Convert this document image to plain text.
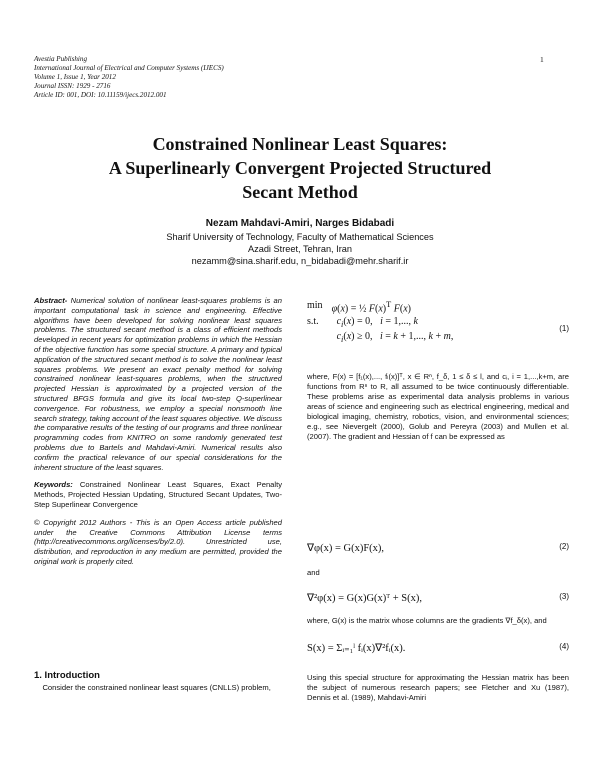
Avestia Publishing
International Journal of Electrical and Computer Systems (IJECS)
Volume 1, Issue 1, Year 2012
Journal ISSN: 1929 - 2716
Article ID: 001, DOI: 10.11159/ijecs.2012.001
1
Constrained Nonlinear Least Squares:
A Superlinearly Convergent Projected Structured
Secant Method
Nezam Mahdavi-Amiri, Narges Bidabadi
Sharif University of Technology, Faculty of Mathematical Sciences
Azadi Street, Tehran, Iran
nezamm@sina.sharif.edu, n_bidabadi@mehr.sharif.ir
Abstract- Numerical solution of nonlinear least-squares problems is an important computational task in science and engineering. Effective algorithms have been developed for solving nonlinear least squares problems. The structured secant method is a class of efficient methods developed in recent years for optimization problems in which the Hessian of the objective function has some special structure. A primary and typical application of the structured secant method is to solve the nonlinear least squares problems. We present an exact penalty method for solving constrained nonlinear least-squares problems, when the structured projected Hessian is approximated by a projected version of the structured BFGS formula and give its local two-step Q-superlinear convergence. For robustness, we employ a special nonsmooth line search strategy, taking account of the least squares objective. We discuss the comparative results of the testing of our programs and three nonlinear programming codes from KNITRO on some randomly generated test problems due to Bartels and Mahdavi-Amiri. Numerical results also confirm the practical relevance of our special considerations for the inherent structure of the least squares.
Keywords: Constrained Nonlinear Least Squares, Exact Penalty Methods, Projected Hessian Updating, Structured Secant Updates, Two-Step Superlinear Convergence
© Copyright 2012 Authors - This is an Open Access article published under the Creative Commons Attribution License terms (http://creativecommons.org/licenses/by/2.0). Unrestricted use, distribution, and reproduction in any medium are permitted, provided the original work is properly cited.
1. Introduction
Consider the constrained nonlinear least squares (CNLLS) problem,
min	φ(x) = ½ $F(x)^T$ F(x)
s.t.	$c_i(x) = 0$,   i = 1,..., k
	$c_i(x) \ge 0$,   i = k + 1,..., k + m,
(1)
where, F(x) = [f₁(x),..., fₗ(x)]ᵀ, x ∈ Rⁿ, f_δ, 1 ≤ δ ≤ l, and cᵢ, i = 1,...,k+m, are functions from Rⁿ to R, all assumed to be twice continuously differentiable. These problems arise as experimental data analysis problems in various areas of science and engineering such as electrical engineering, medical and biological imaging, chemistry, robotics, vision, and environmental sciences; e.g., see Nievergelt (2000), Golub and Pereyra (2003) and Mullen et al. (2007). The gradient and Hessian of f can be expressed as
∇φ(x) = G(x)F(x),	(2)
and
∇²φ(x) = G(x)G(x)ᵀ + S(x),	(3)
where, G(x) is the matrix whose columns are the gradients ∇f_δ(x), and
S(x) = Σᵢ₌₁ˡ fᵢ(x)∇²fᵢ(x).	(4)
Using this special structure for approximating the Hessian matrix has been the subject of numerous research papers; see Fletcher and Xu (1987), Dennis et al. (1989), Mahdavi-Amiri
